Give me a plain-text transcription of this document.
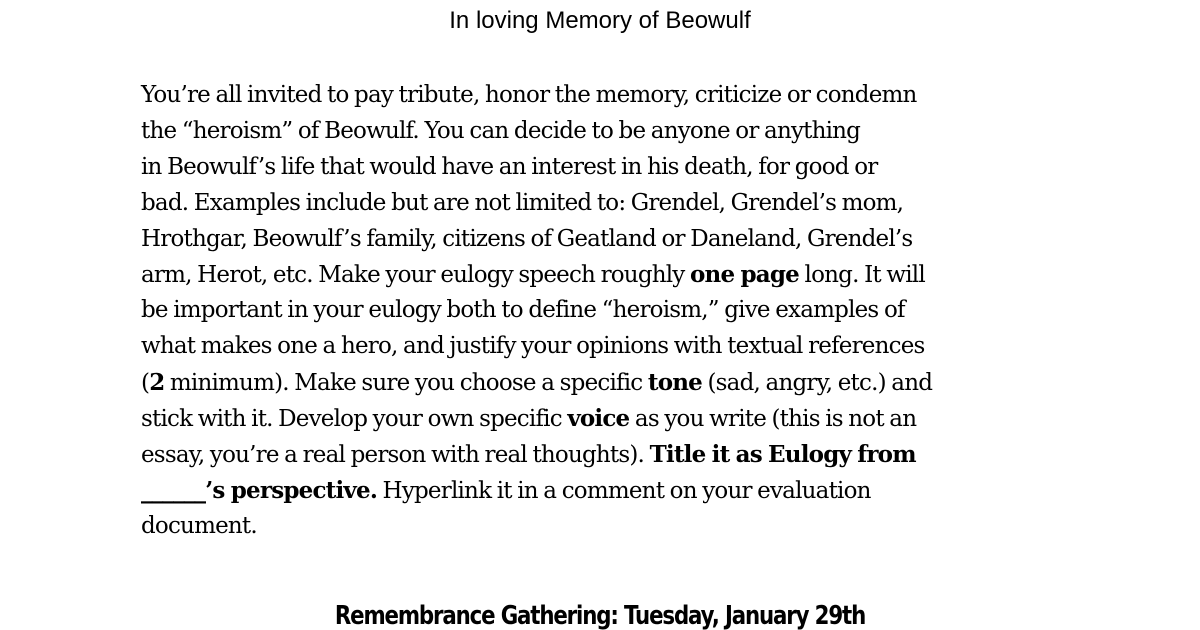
In loving Memory of Beowulf
You’re all invited to pay tribute, honor the memory, criticize or condemn
the “heroism” of Beowulf. You can decide to be anyone or anything
in Beowulf’s life that would have an interest in his death, for good or
bad. Examples include but are not limited to: Grendel, Grendel’s mom,
Hrothgar, Beowulf’s family, citizens of Geatland or Daneland, Grendel’s
arm, Herot, etc. Make your eulogy speech roughly one page long. It will
be important in your eulogy both to define “heroism,” give examples of
what makes one a hero, and justify your opinions with textual references
(2 minimum). Make sure you choose a specific tone (sad, angry, etc.) and
stick with it. Develop your own specific voice as you write (this is not an
essay, you’re a real person with real thoughts). Title it as Eulogy from
______’s perspective. Hyperlink it in a comment on your evaluation
document.
Remembrance Gathering: Tuesday, January 29th
